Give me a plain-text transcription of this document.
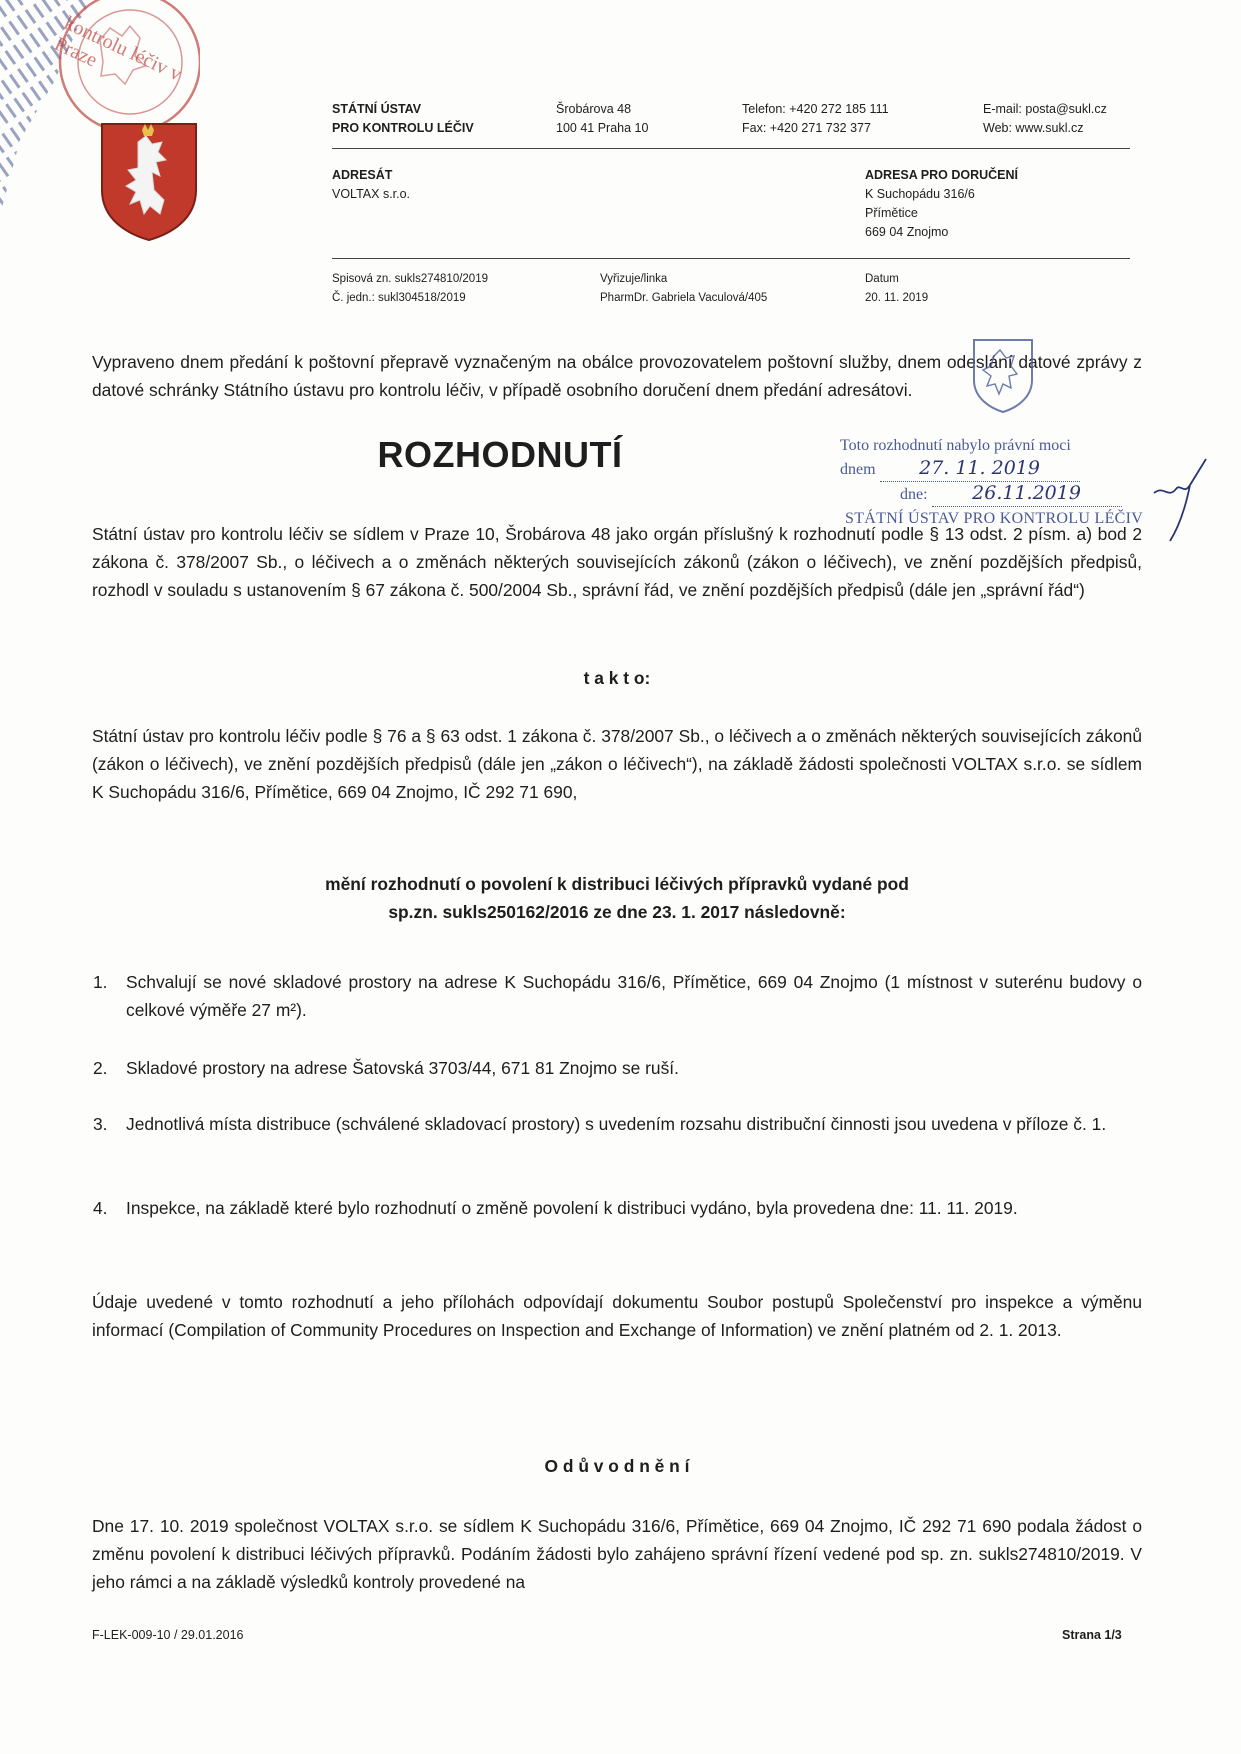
kontrolu léčiv v Praze
STÁTNÍ ÚSTAV
PRO KONTROLU LÉČIV
Šrobárova 48
100 41 Praha 10
Telefon: +420 272 185 111
Fax: +420 271 732 377
E-mail: posta@sukl.cz
Web: www.sukl.cz
ADRESÁT
VOLTAX s.r.o.
ADRESA PRO DORUČENÍ
K Suchopádu 316/6
Přímětice
669 04 Znojmo
Spisová zn. sukls274810/2019
Č. jedn.: sukl304518/2019
Vyřizuje/linka
PharmDr. Gabriela Vaculová/405
Datum
20. 11. 2019
Vypraveno dnem předání k poštovní přepravě vyznačeným na obálce provozovatelem poštovní služby, dnem odeslání datové zprávy z datové schránky Státního ústavu pro kontrolu léčiv, v případě osobního doručení dnem předání adresátovi.
ROZHODNUTÍ	Toto rozhodnutí nabylo právní moci
dnem 27. 11. 2019
dne: 26.11.2019
STÁTNÍ ÚSTAV PRO KONTROLU LÉČIV
Státní ústav pro kontrolu léčiv se sídlem v Praze 10, Šrobárova 48 jako orgán příslušný k rozhodnutí podle § 13 odst. 2 písm. a) bod 2 zákona č. 378/2007 Sb., o léčivech a o změnách některých souvisejících zákonů (zákon o léčivech), ve znění pozdějších předpisů, rozhodl v souladu s ustanovením § 67 zákona č. 500/2004 Sb., správní řád, ve znění pozdějších předpisů (dále jen „správní řád“)
t a k t o:
Státní ústav pro kontrolu léčiv podle § 76 a § 63 odst. 1 zákona č. 378/2007 Sb., o léčivech a o změnách některých souvisejících zákonů (zákon o léčivech), ve znění pozdějších předpisů (dále jen „zákon o léčivech“), na základě žádosti společnosti VOLTAX s.r.o. se sídlem K Suchopádu 316/6, Přímětice, 669 04 Znojmo, IČ 292 71 690,
mění rozhodnutí o povolení k distribuci léčivých přípravků vydané pod
sp.zn. sukls250162/2016 ze dne 23. 1. 2017 následovně:
1. Schvalují se nové skladové prostory na adrese K Suchopádu 316/6, Přímětice, 669 04 Znojmo (1 místnost v suterénu budovy o celkové výměře 27 m²).
2. Skladové prostory na adrese Šatovská 3703/44, 671 81 Znojmo se ruší.
3. Jednotlivá místa distribuce (schválené skladovací prostory) s uvedením rozsahu distribuční činnosti jsou uvedena v příloze č. 1.
4. Inspekce, na základě které bylo rozhodnutí o změně povolení k distribuci vydáno, byla provedena dne: 11. 11. 2019.
Údaje uvedené v tomto rozhodnutí a jeho přílohách odpovídají dokumentu Soubor postupů Společenství pro inspekce a výměnu informací (Compilation of Community Procedures on Inspection and Exchange of Information) ve znění platném od 2. 1. 2013.
O d ů v o d n ě n í
Dne 17. 10. 2019 společnost VOLTAX s.r.o. se sídlem K Suchopádu 316/6, Přímětice, 669 04 Znojmo, IČ 292 71 690 podala žádost o změnu povolení k distribuci léčivých přípravků. Podáním žádosti bylo zahájeno správní řízení vedené pod sp. zn. sukls274810/2019. V jeho rámci a na základě výsledků kontroly provedené na
F-LEK-009-10 / 29.01.2016	Strana 1/3
